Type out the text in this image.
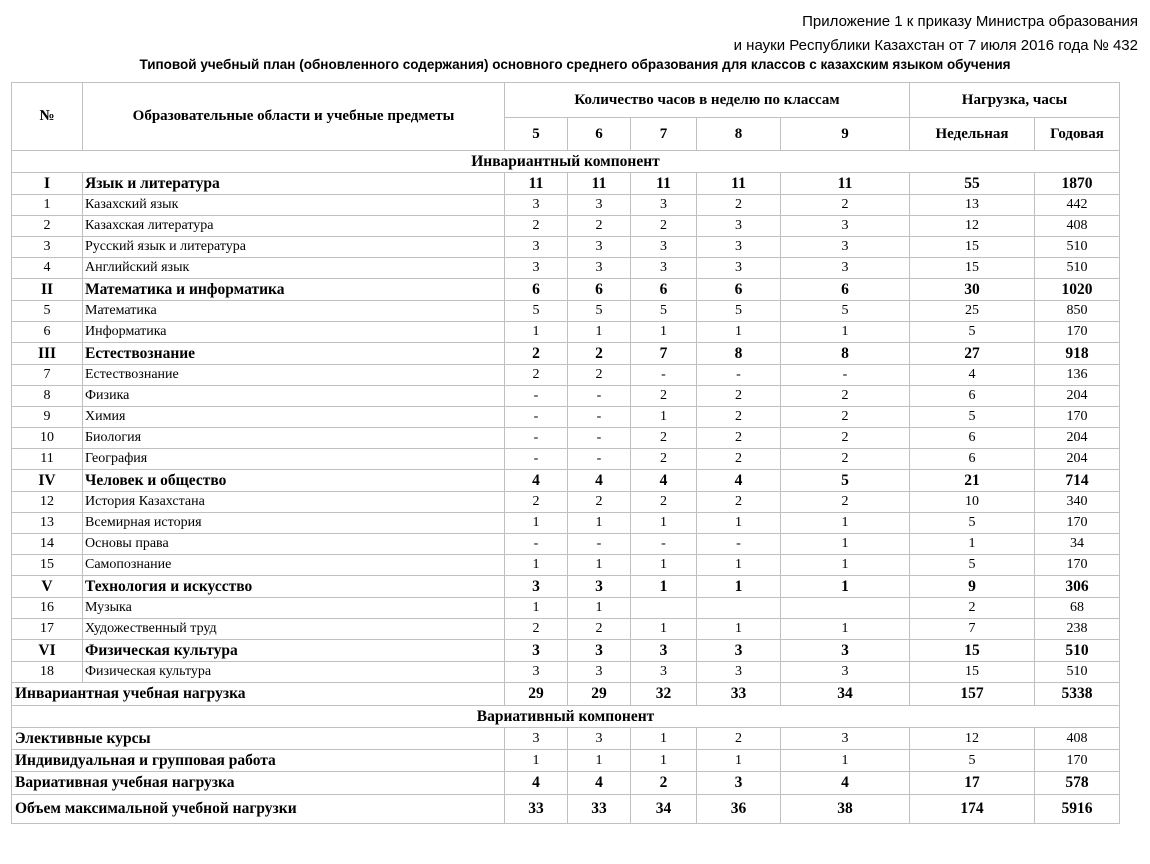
Приложение 1 к приказу Министра образования
и науки Республики Казахстан от 7 июля 2016 года № 432
Типовой учебный план (обновленного содержания) основного среднего образования для классов с казахским языком обучения
№	Образовательные области и учебные предметы	Количество часов в неделю по классам					Нагрузка, часы	
		5	6	7	8	9	Недельная	Годовая
Инвариантный компонент								
I	Язык и литература	11	11	11	11	11	55	1870
1	Казахский язык	3	3	3	2	2	13	442
2	Казахская литература	2	2	2	3	3	12	408
3	Русский язык и литература	3	3	3	3	3	15	510
4	Английский язык	3	3	3	3	3	15	510
II	Математика и информатика	6	6	6	6	6	30	1020
5	Математика	5	5	5	5	5	25	850
6	Информатика	1	1	1	1	1	5	170
III	Естествознание	2	2	7	8	8	27	918
7	Естествознание	2	2	-	-	-	4	136
8	Физика	-	-	2	2	2	6	204
9	Химия	-	-	1	2	2	5	170
10	Биология	-	-	2	2	2	6	204
11	География	-	-	2	2	2	6	204
IV	Человек и общество	4	4	4	4	5	21	714
12	История Казахстана	2	2	2	2	2	10	340
13	Всемирная история	1	1	1	1	1	5	170
14	Основы права	-	-	-	-	1	1	34
15	Самопознание	1	1	1	1	1	5	170
V	Технология и искусство	3	3	1	1	1	9	306
16	Музыка	1	1				2	68
17	Художественный труд	2	2	1	1	1	7	238
VI	Физическая культура	3	3	3	3	3	15	510
18	Физическая культура	3	3	3	3	3	15	510
Инвариантная учебная нагрузка		29	29	32	33	34	157	5338
Вариативный компонент								
Элективные курсы		3	3	1	2	3	12	408
Индивидуальная и групповая работа		1	1	1	1	1	5	170
Вариативная учебная нагрузка		4	4	2	3	4	17	578
Объем максимальной учебной нагрузки		33	33	34	36	38	174	5916
